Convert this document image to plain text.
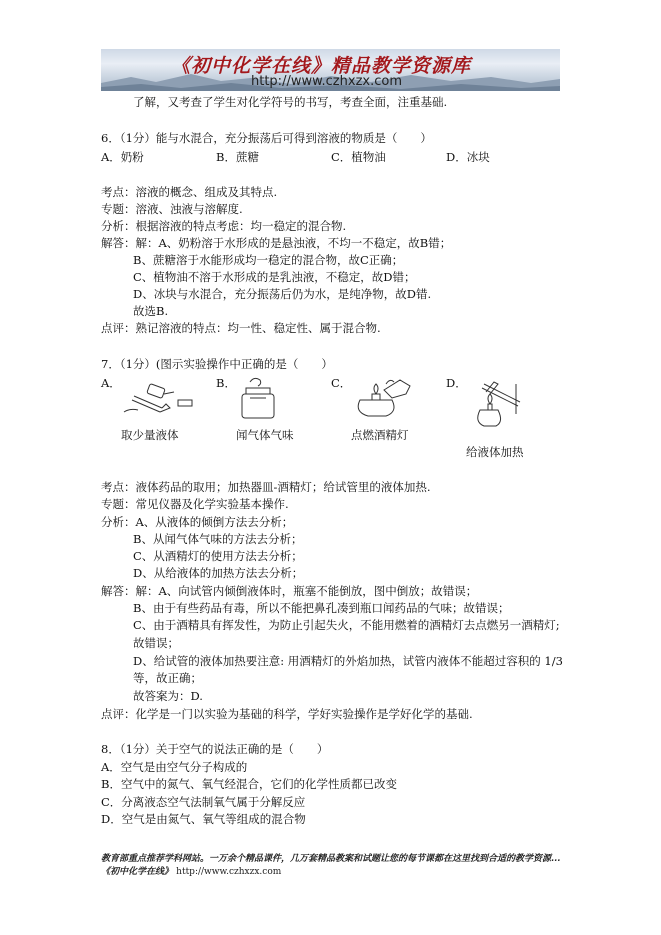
《初中化学在线》精品教学资源库
http://www.czhxzx.com
了解，又考查了学生对化学符号的书写，考查全面，注重基础.
6．（1分）能与水混合，充分振荡后可得到溶液的物质是（　　）
A．奶粉	B．蔗糖	C．植物油	D．冰块
考点：溶液的概念、组成及其特点.
专题：溶液、浊液与溶解度.
分析：根据溶液的特点考虑：均一稳定的混合物.
解答：解：A、奶粉溶于水形成的是悬浊液，不均一不稳定，故B错；
B、蔗糖溶于水能形成均一稳定的混合物，故C正确；
C、植物油不溶于水形成的是乳浊液，不稳定，故D错；
D、冰块与水混合，充分振荡后仍为水，是纯净物，故D错.
故选B.
点评：熟记溶液的特点：均一性、稳定性、属于混合物.
7．（1分）(图示实验操作中正确的是（　　）
A．	B．	C．	D．
取少量液体	闻气体气味	点燃酒精灯
给液体加热
考点：液体药品的取用；加热器皿-酒精灯；给试管里的液体加热.
专题：常见仪器及化学实验基本操作.
分析：A、从液体的倾倒方法去分析；
B、从闻气体气味的方法去分析；
C、从酒精灯的使用方法去分析；
D、从给液体的加热方法去分析；
解答：解：A、向试管内倾倒液体时，瓶塞不能倒放，图中倒放；故错误；
B、由于有些药品有毒，所以不能把鼻孔凑到瓶口闻药品的气味；故错误；
C、由于酒精具有挥发性，为防止引起失火，不能用燃着的酒精灯去点燃另一酒精灯;
故错误；
D、给试管的液体加热要注意: 用酒精灯的外焰加热，试管内液体不能超过容积的 1/3
等，故正确；
故答案为：D.
点评：化学是一门以实验为基础的科学，学好实验操作是学好化学的基础.
8．（1分）关于空气的说法正确的是（　　）
A．空气是由空气分子构成的
B．空气中的氮气、氧气经混合，它们的化学性质都已改变
C．分离液态空气法制氧气属于分解反应
D．空气是由氮气、氧气等组成的混合物
教育部重点推荐学科网站。一万余个精品课件，几万套精品教案和试题让您的每节课都在这里找到合适的教学资源...《初中化学在线》 http://www.czhxzx.com
